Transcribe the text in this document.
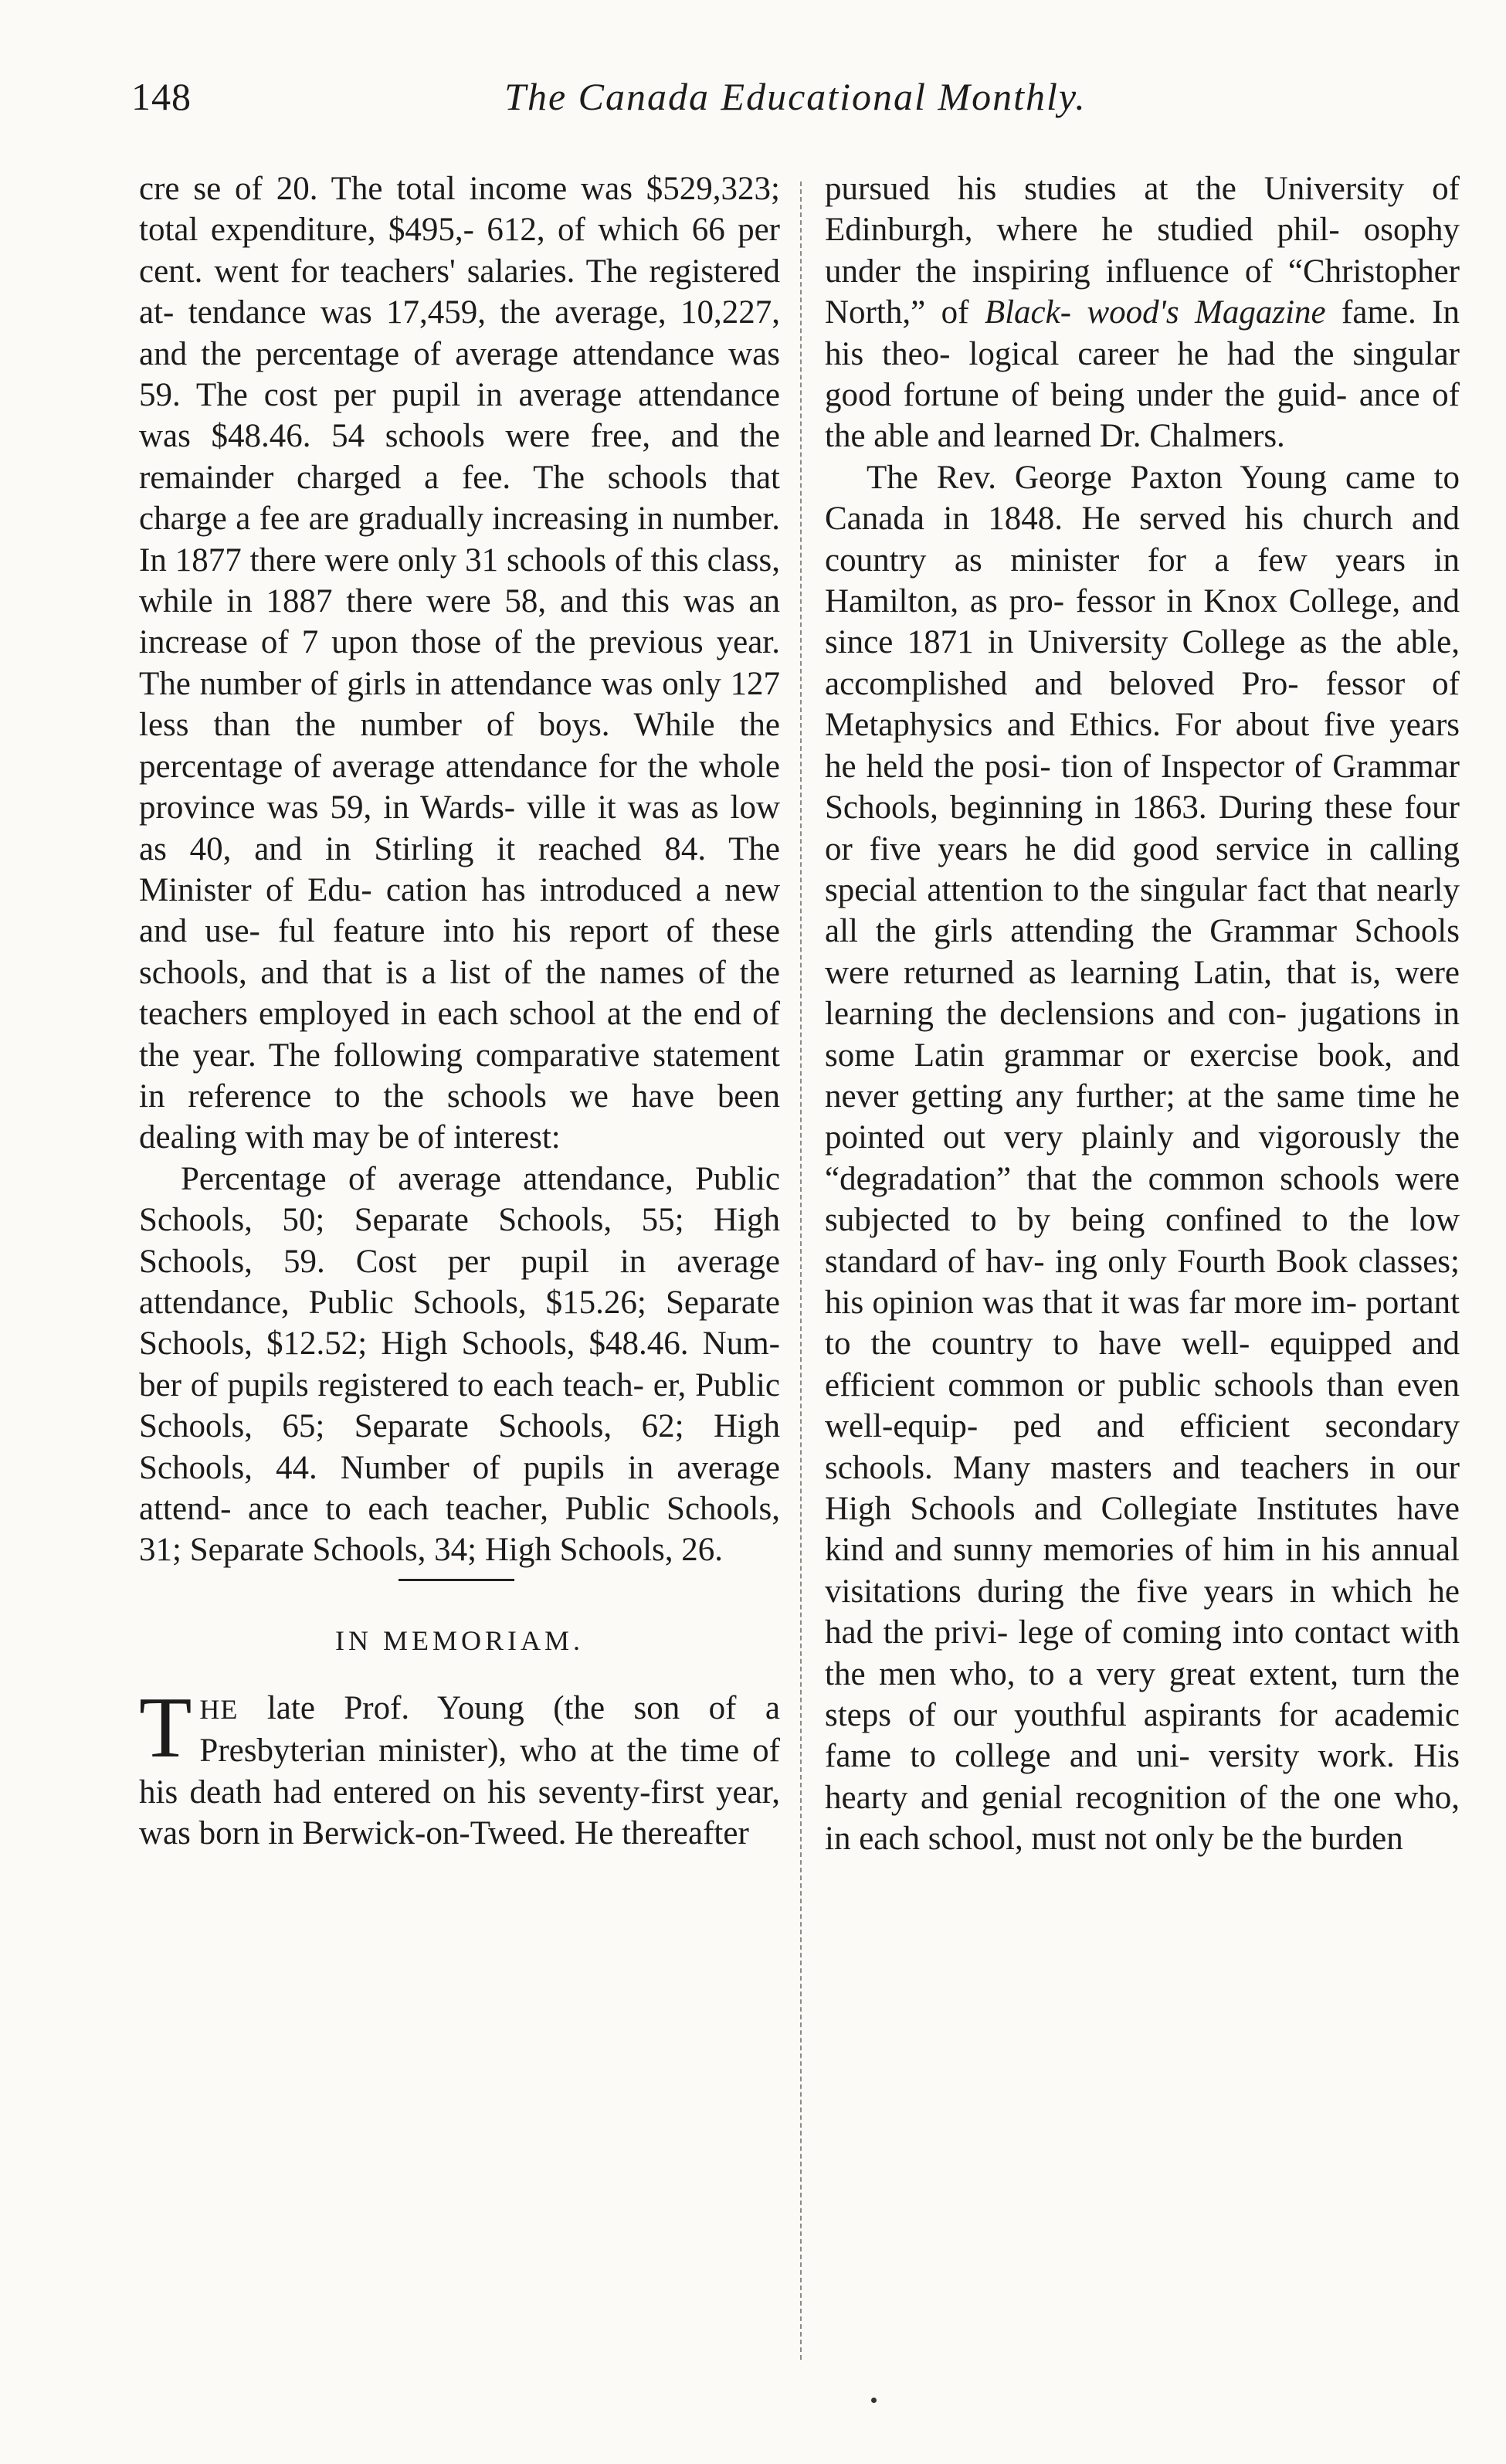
148	The Canada Educational Monthly.

cre se of 20. The total income was $529,323; total expenditure, $495,- 612, of which 66 per cent. went for teachers' salaries. The registered at- tendance was 17,459, the average, 10,227, and the percentage of average attendance was 59. The cost per pupil in average attendance was $48.46. 54 schools were free, and the remainder charged a fee. The schools that charge a fee are gradually increasing in number. In 1877 there were only 31 schools of this class, while in 1887 there were 58, and this was an increase of 7 upon those of the previous year. The number of girls in attendance was only 127 less than the number of boys. While the percentage of average attendance for the whole province was 59, in Wards- ville it was as low as 40, and in Stirling it reached 84. The Minister of Edu- cation has introduced a new and use- ful feature into his report of these schools, and that is a list of the names of the teachers employed in each school at the end of the year. The following comparative statement in reference to the schools we have been dealing with may be of interest:

Percentage of average attendance, Public Schools, 50; Separate Schools, 55; High Schools, 59. Cost per pupil in average attendance, Public Schools, $15.26; Separate Schools, $12.52; High Schools, $48.46. Num- ber of pupils registered to each teach- er, Public Schools, 65; Separate Schools, 62; High Schools, 44. Number of pupils in average attend- ance to each teacher, Public Schools, 31; Separate Schools, 34; High Schools, 26.

IN MEMORIAM.

THE late Prof. Young (the son of a Presbyterian minister), who at the time of his death had entered on his seventy-first year, was born in Berwick-on-Tweed. He thereafter

pursued his studies at the University of Edinburgh, where he studied phil- osophy under the inspiring influence of “Christopher North,” of Black- wood's Magazine fame. In his theo- logical career he had the singular good fortune of being under the guid- ance of the able and learned Dr. Chalmers.

The Rev. George Paxton Young came to Canada in 1848. He served his church and country as minister for a few years in Hamilton, as pro- fessor in Knox College, and since 1871 in University College as the able, accomplished and beloved Pro- fessor of Metaphysics and Ethics. For about five years he held the posi- tion of Inspector of Grammar Schools, beginning in 1863. During these four or five years he did good service in calling special attention to the singular fact that nearly all the girls attending the Grammar Schools were returned as learning Latin, that is, were learning the declensions and con- jugations in some Latin grammar or exercise book, and never getting any further; at the same time he pointed out very plainly and vigorously the “degradation” that the common schools were subjected to by being confined to the low standard of hav- ing only Fourth Book classes; his opinion was that it was far more im- portant to the country to have well- equipped and efficient common or public schools than even well-equip- ped and efficient secondary schools. Many masters and teachers in our High Schools and Collegiate Institutes have kind and sunny memories of him in his annual visitations during the five years in which he had the privi- lege of coming into contact with the men who, to a very great extent, turn the steps of our youthful aspirants for academic fame to college and uni- versity work. His hearty and genial recognition of the one who, in each school, must not only be the burden
